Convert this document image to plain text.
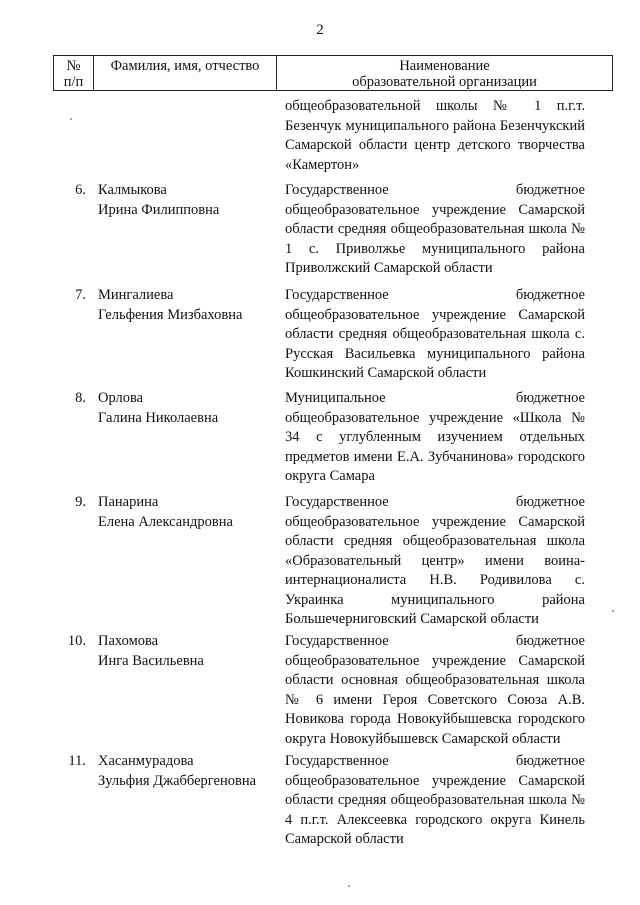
2
№
п/п
Фамилия, имя, отчество	Наименование
образовательной организации
общеобразовательной школы № 1 п.г.т. Безенчук муниципального района Безенчукский Самарской области центр детского творчества «Камертон»
6. Калмыкова
Ирина Филипповна
Государственное бюджетное общеобразовательное учреждение Самарской области средняя общеобразовательная школа № 1 с. Приволжье муниципального района Приволжский Самарской области
7. Мингалиева
Гельфения Мизбаховна
Государственное бюджетное общеобразовательное учреждение Самарской области средняя общеобразовательная школа с. Русская Васильевка муниципального района Кошкинский Самарской области
8. Орлова
Галина Николаевна
Муниципальное бюджетное общеобразовательное учреждение «Школа № 34 с углубленным изучением отдельных предметов имени Е.А. Зубчанинова» городского округа Самара
9. Панарина
Елена Александровна
Государственное бюджетное общеобразовательное учреждение Самарской области средняя общеобразовательная школа «Образовательный центр» имени воина-интернационалиста Н.В. Родивилова с. Украинка муниципального района Большечерниговский Самарской области
10. Пахомова
Инга Васильевна
Государственное бюджетное общеобразовательное учреждение Самарской области основная общеобразовательная школа № 6 имени Героя Советского Союза А.В. Новикова города Новокуйбышевска городского округа Новокуйбышевск Самарской области
11. Хасанмурадова
Зульфия Джаббергеновна
Государственное бюджетное общеобразовательное учреждение Самарской области средняя общеобразовательная школа № 4 п.г.т. Алексеевка городского округа Кинель Самарской области
